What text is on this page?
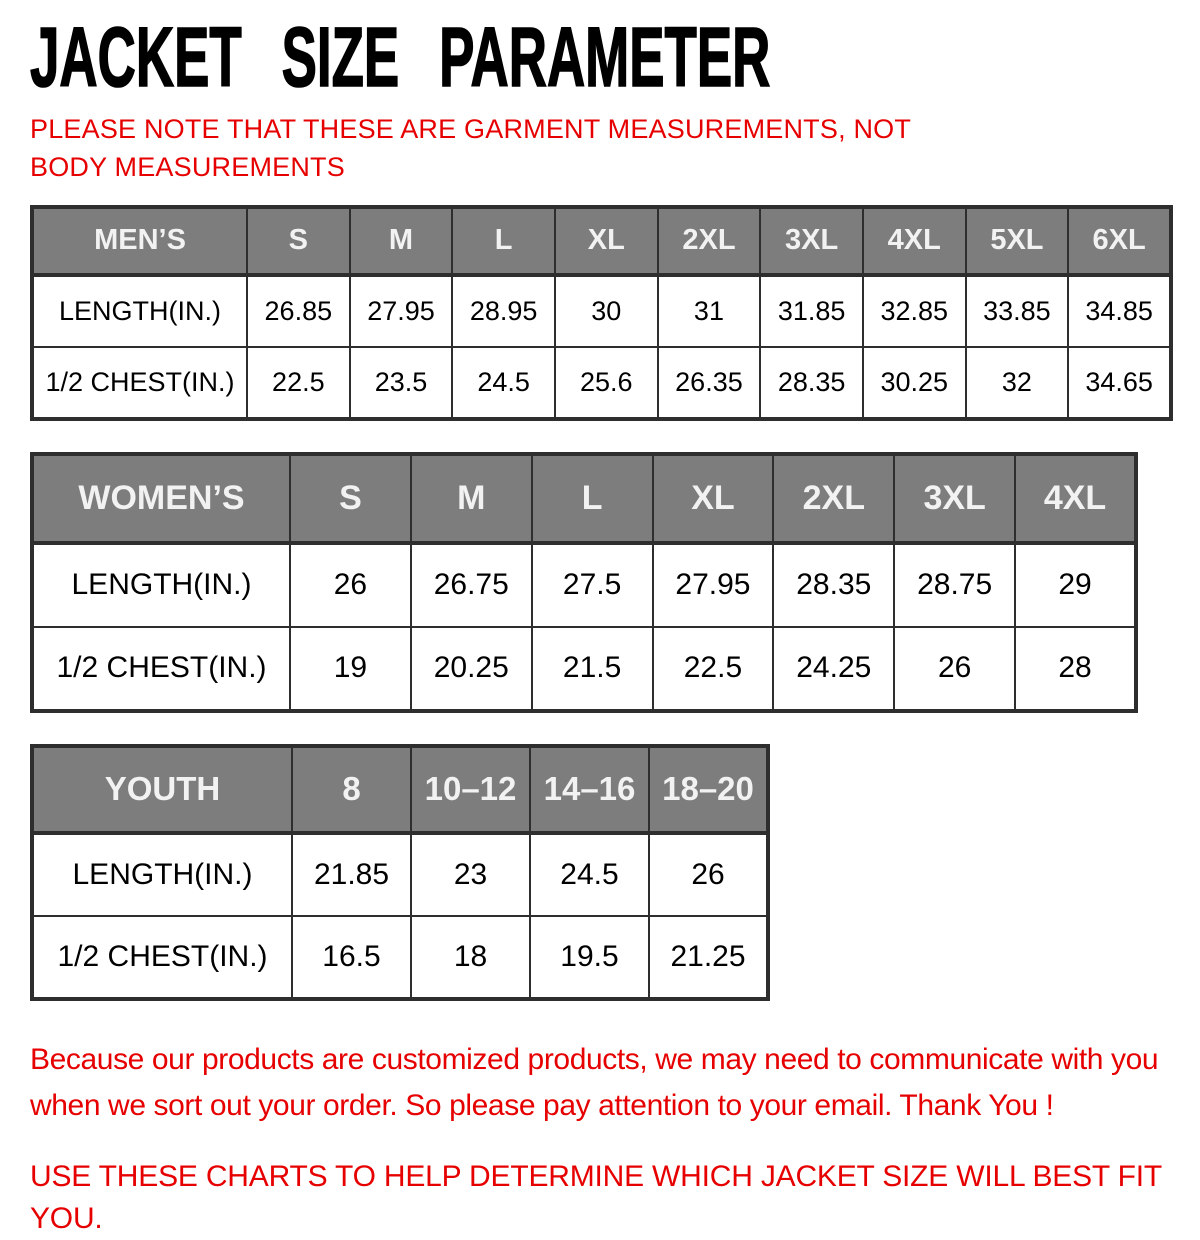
JACKET SIZE PARAMETER
PLEASE NOTE THAT THESE ARE GARMENT MEASUREMENTS, NOT BODY MEASUREMENTS
MEN’S	S	M	L	XL	2XL	3XL	4XL	5XL	6XL
LENGTH(IN.)	26.85	27.95	28.95	30	31	31.85	32.85	33.85	34.85
1/2 CHEST(IN.)	22.5	23.5	24.5	25.6	26.35	28.35	30.25	32	34.65
WOMEN’S	S	M	L	XL	2XL	3XL	4XL
LENGTH(IN.)	26	26.75	27.5	27.95	28.35	28.75	29
1/2 CHEST(IN.)	19	20.25	21.5	22.5	24.25	26	28
YOUTH	8	10–12	14–16	18–20
LENGTH(IN.)	21.85	23	24.5	26
1/2 CHEST(IN.)	16.5	18	19.5	21.25

Because our products are customized products, we may need to communicate with you when we sort out your order. So please pay attention to your email. Thank You !

USE THESE CHARTS TO HELP DETERMINE WHICH JACKET SIZE WILL BEST FIT YOU.
